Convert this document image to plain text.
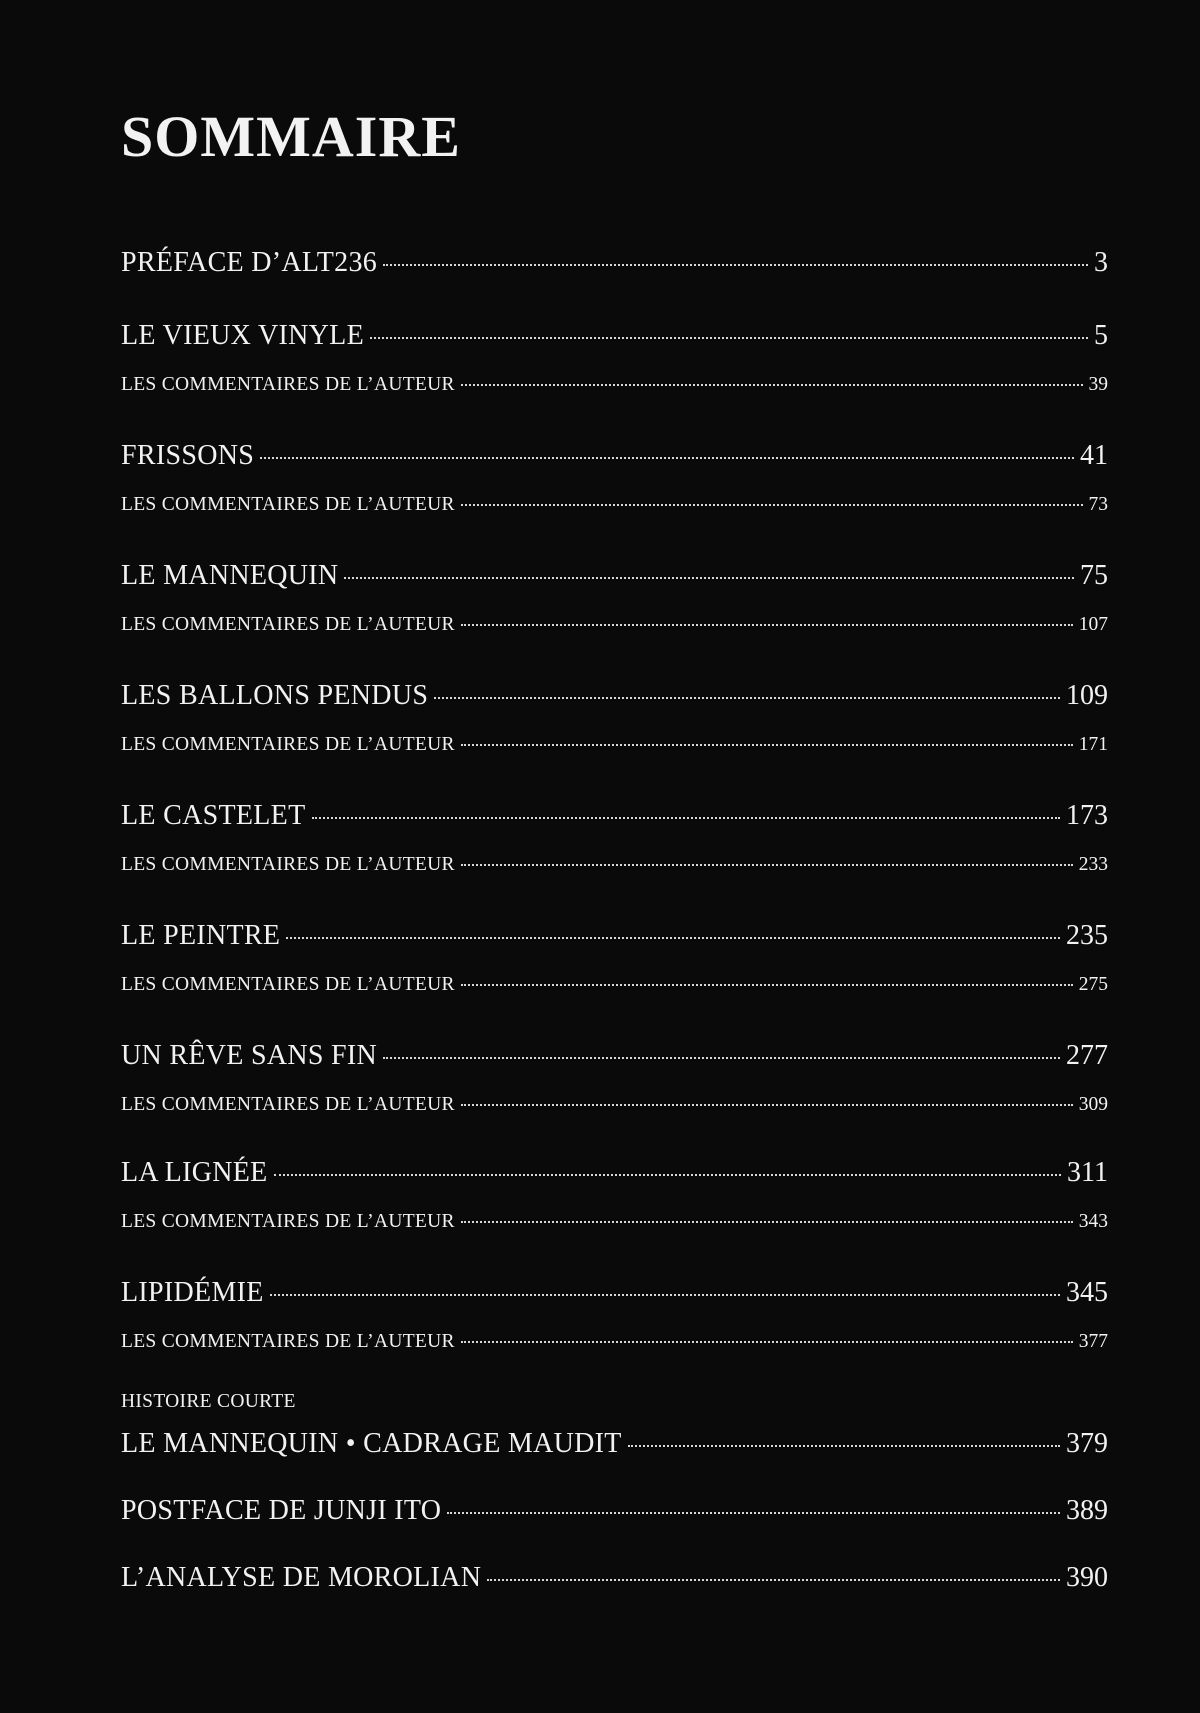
SOMMAIRE
PRÉFACE D’ALT236	3
LE VIEUX VINYLE	5
LES COMMENTAIRES DE L’AUTEUR	39
FRISSONS	41
LES COMMENTAIRES DE L’AUTEUR	73
LE MANNEQUIN	75
LES COMMENTAIRES DE L’AUTEUR	107
LES BALLONS PENDUS	109
LES COMMENTAIRES DE L’AUTEUR	171
LE CASTELET	173
LES COMMENTAIRES DE L’AUTEUR	233
LE PEINTRE	235
LES COMMENTAIRES DE L’AUTEUR	275
UN RÊVE SANS FIN	277
LES COMMENTAIRES DE L’AUTEUR	309
LA LIGNÉE	311
LES COMMENTAIRES DE L’AUTEUR	343
LIPIDÉMIE	345
LES COMMENTAIRES DE L’AUTEUR	377
HISTOIRE COURTE
LE MANNEQUIN • CADRAGE MAUDIT	379
POSTFACE DE JUNJI ITO	389
L’ANALYSE DE MOROLIAN	390
